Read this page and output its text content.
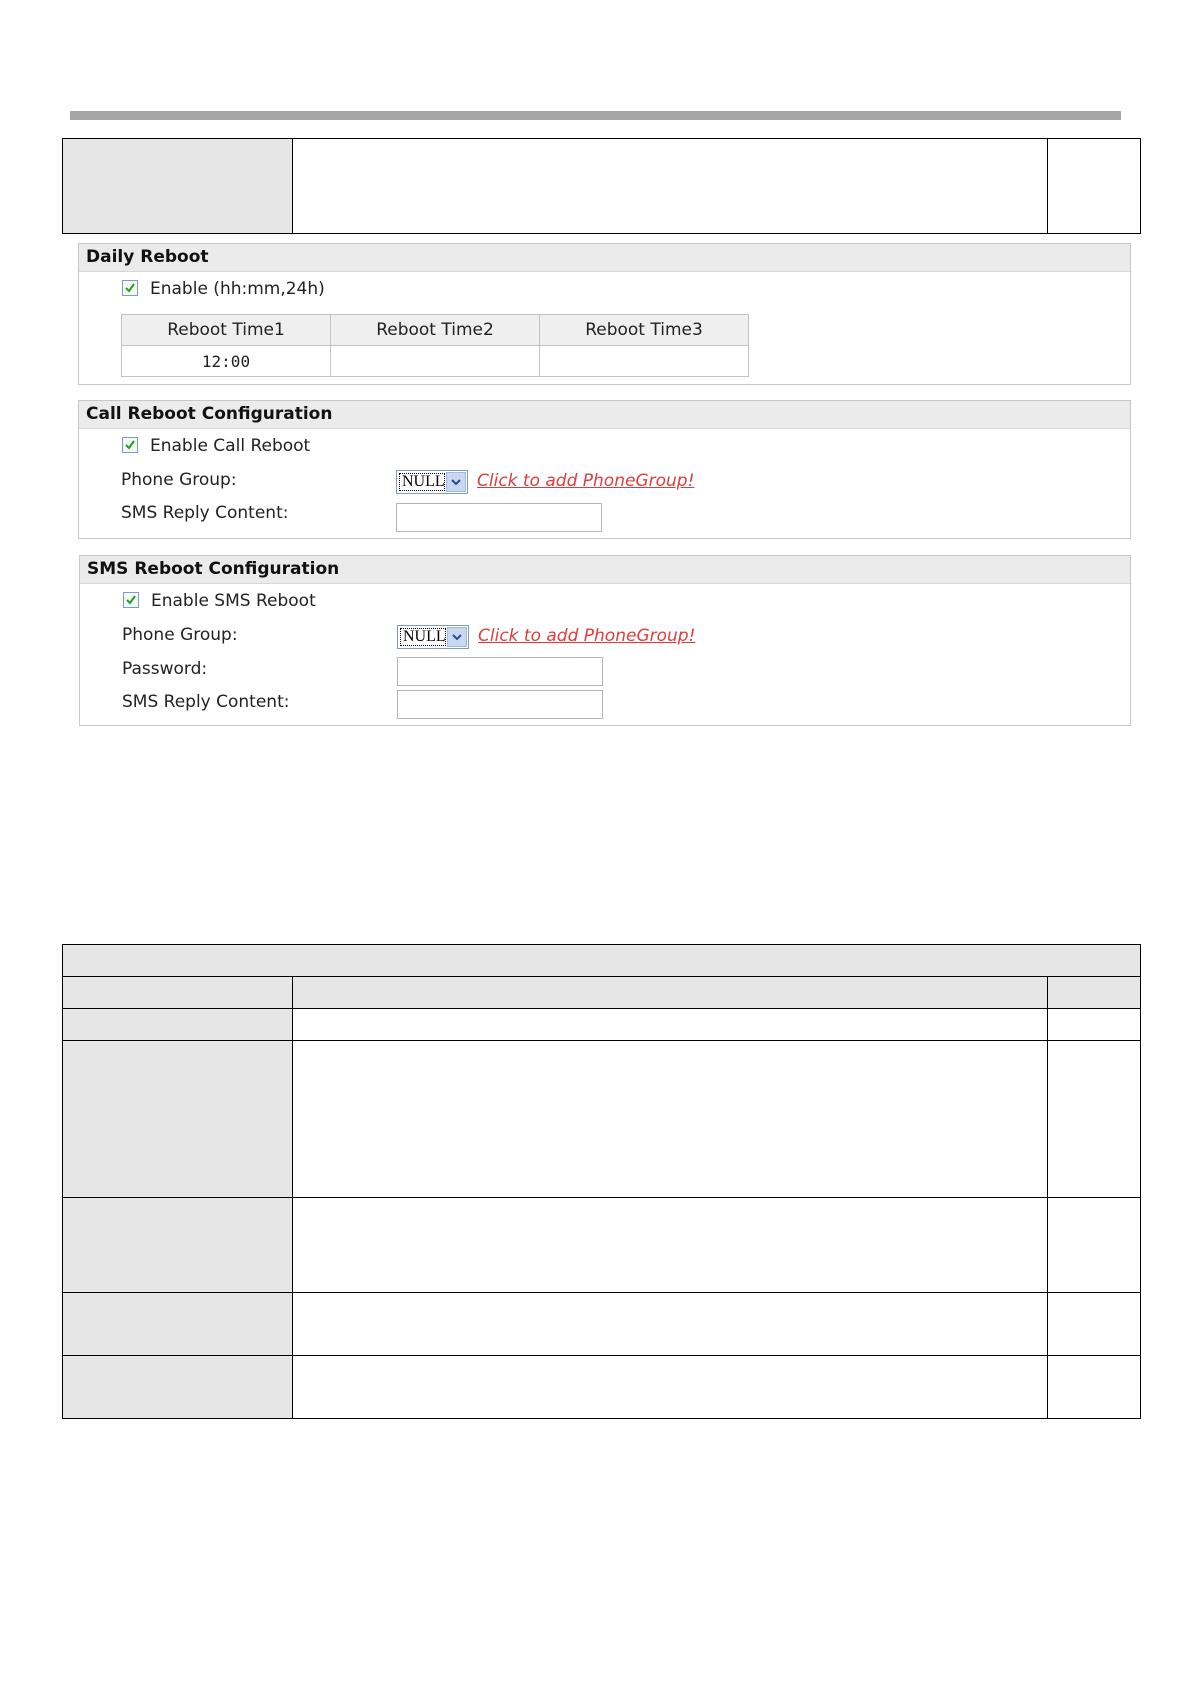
Daily Reboot
Enable (hh:mm,24h)
Reboot Time1	Reboot Time2	Reboot Time3
12:00		
Call Reboot Configuration
Enable Call Reboot
Phone Group:	NULL Click to add PhoneGroup!
SMS Reply Content:
SMS Reboot Configuration
Enable SMS Reboot
Phone Group:	NULL Click to add PhoneGroup!
Password:
SMS Reply Content:
